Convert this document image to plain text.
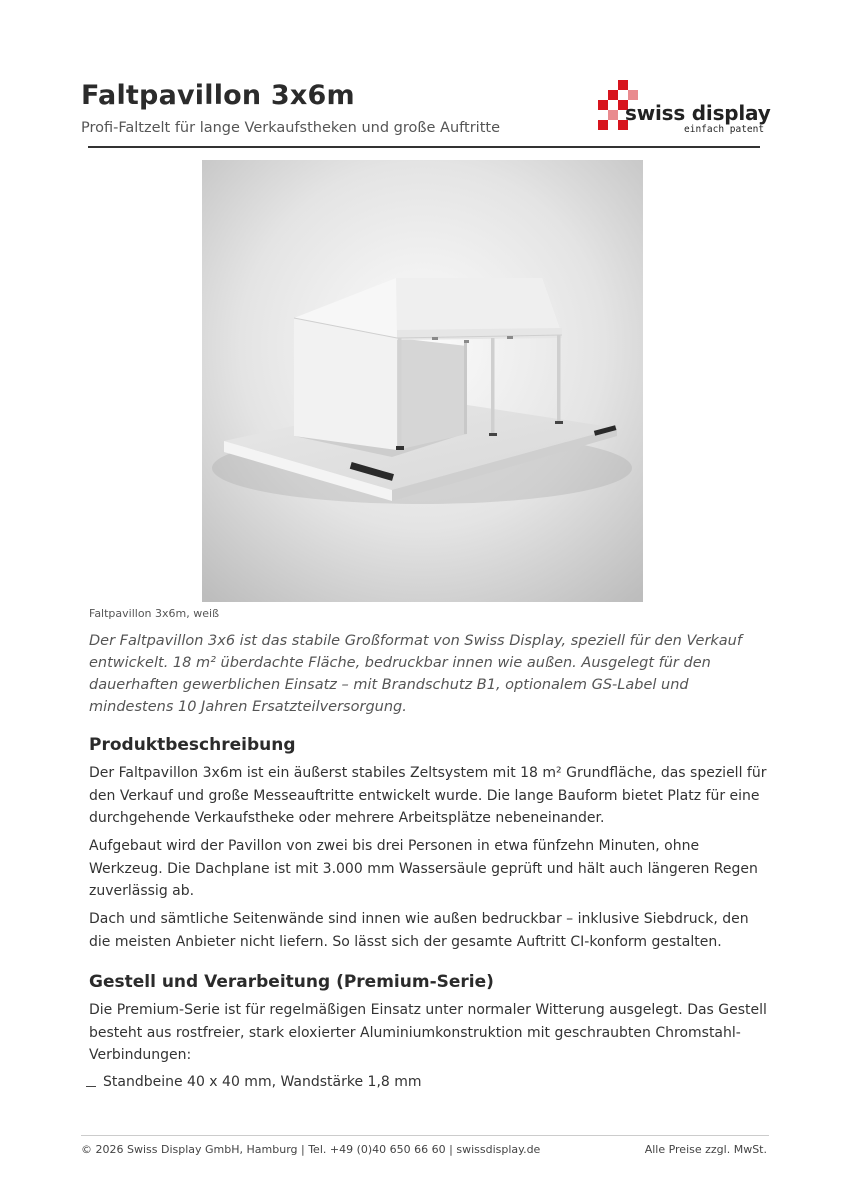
Faltpavillon 3x6m
Profi-Faltzelt für lange Verkaufstheken und große Auftritte
swiss display
einfach patent
Faltpavillon 3x6m, weiß
Der Faltpavillon 3x6 ist das stabile Großformat von Swiss Display, speziell für den Verkauf entwickelt. 18 m² überdachte Fläche, bedruckbar innen wie außen. Ausgelegt für den dauerhaften gewerblichen Einsatz – mit Brandschutz B1, optionalem GS-Label und mindestens 10 Jahren Ersatzteilversorgung.
Produktbeschreibung
Der Faltpavillon 3x6m ist ein äußerst stabiles Zeltsystem mit 18 m² Grundfläche, das speziell für den Verkauf und große Messeauftritte entwickelt wurde. Die lange Bauform bietet Platz für eine durchgehende Verkaufstheke oder mehrere Arbeitsplätze nebeneinander.
Aufgebaut wird der Pavillon von zwei bis drei Personen in etwa fünfzehn Minuten, ohne Werkzeug. Die Dachplane ist mit 3.000 mm Wassersäule geprüft und hält auch längeren Regen zuverlässig ab.
Dach und sämtliche Seitenwände sind innen wie außen bedruckbar – inklusive Siebdruck, den die meisten Anbieter nicht liefern. So lässt sich der gesamte Auftritt CI-konform gestalten.
Gestell und Verarbeitung (Premium-Serie)
Die Premium-Serie ist für regelmäßigen Einsatz unter normaler Witterung ausgelegt. Das Gestell besteht aus rostfreier, stark eloxierter Aluminiumkonstruktion mit geschraubten Chromstahl-Verbindungen:
Standbeine 40 x 40 mm, Wandstärke 1,8 mm
© 2026 Swiss Display GmbH, Hamburg | Tel. +49 (0)40 650 66 60 | swissdisplay.de	Alle Preise zzgl. MwSt.
